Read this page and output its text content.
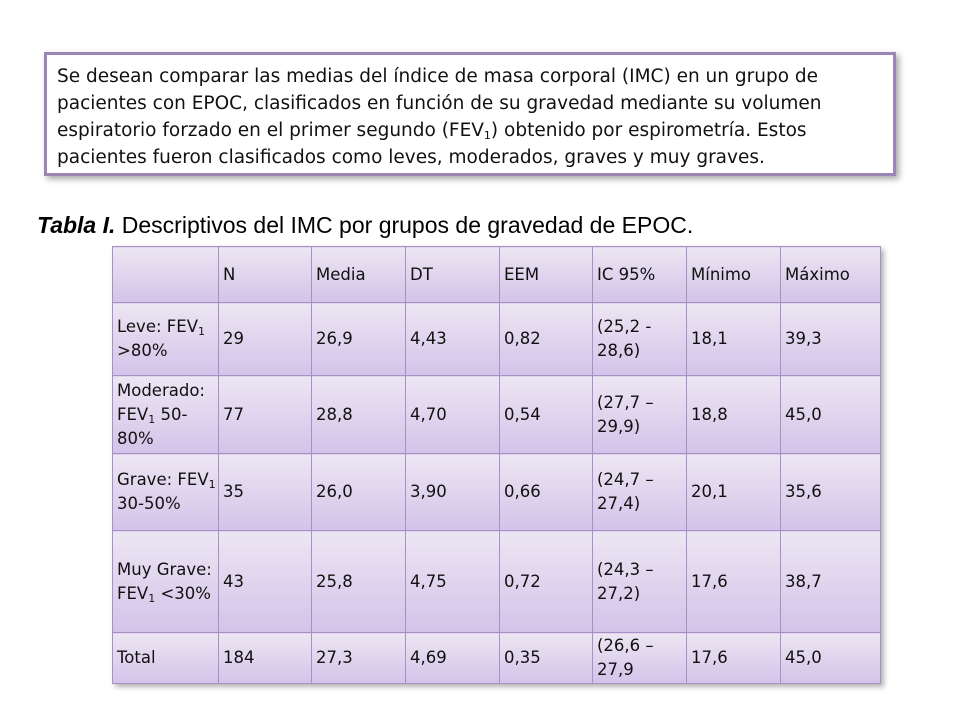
Se desean comparar las medias del índice de masa corporal (IMC) en un grupo de pacientes con EPOC, clasificados en función de su gravedad mediante su volumen espiratorio forzado en el primer segundo $(FEV_1)$ obtenido por espirometría. Estos pacientes fueron clasificados como leves, moderados, graves y muy graves.

Tabla I. Descriptivos del IMC por grupos de gravedad de EPOC.
	N	Media	DT	EEM	IC 95%	Mínimo	Máximo
Leve: $FEV_1 >80\%$	29	26,9	4,43	0,82	(25,2 - 28,6)	18,1	39,3
Moderado: $FEV_1$ 50-80%	77	28,8	4,70	0,54	(27,7 – 29,9)	18,8	45,0
Grave: $FEV_1$ 30-50%	35	26,0	3,90	0,66	(24,7 – 27,4)	20,1	35,6
Muy Grave: $FEV_1 <30\%$	43	25,8	4,75	0,72	(24,3 – 27,2)	17,6	38,7
Total	184	27,3	4,69	0,35	(26,6 – 27,9	17,6	45,0
